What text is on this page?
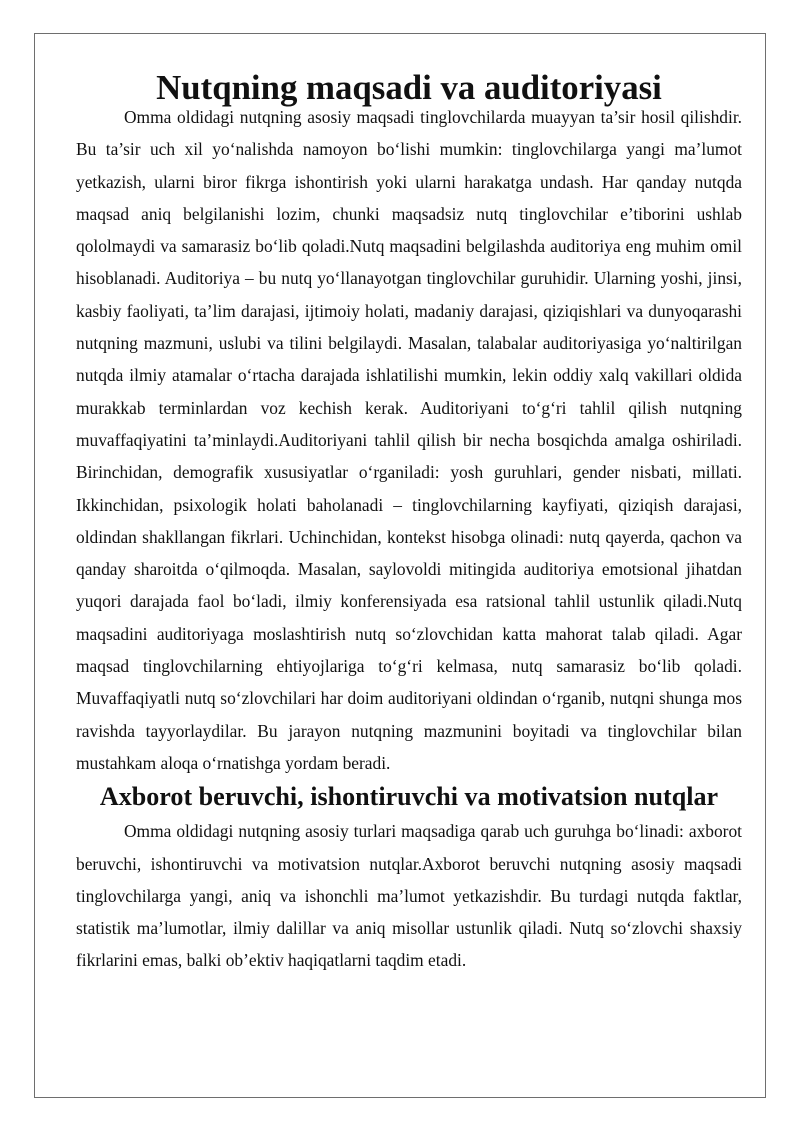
Nutqning maqsadi va auditoriyasi

Omma oldidagi nutqning asosiy maqsadi tinglovchilarda muayyan ta’sir hosil qilishdir. Bu ta’sir uch xil yo‘nalishda namoyon bo‘lishi mumkin: tinglovchilarga yangi ma’lumot yetkazish, ularni biror fikrga ishontirish yoki ularni harakatga undash. Har qanday nutqda maqsad aniq belgilanishi lozim, chunki maqsadsiz nutq tinglovchilar e’tiborini ushlab qololmaydi va samarasiz bo‘lib qoladi.Nutq maqsadini belgilashda auditoriya eng muhim omil hisoblanadi. Auditoriya – bu nutq yo‘llanayotgan tinglovchilar guruhidir. Ularning yoshi, jinsi, kasbiy faoliyati, ta’lim darajasi, ijtimoiy holati, madaniy darajasi, qiziqishlari va dunyoqarashi nutqning mazmuni, uslubi va tilini belgilaydi. Masalan, talabalar auditoriyasiga yo‘naltirilgan nutqda ilmiy atamalar o‘rtacha darajada ishlatilishi mumkin, lekin oddiy xalq vakillari oldida murakkab terminlardan voz kechish kerak. Auditoriyani to‘g‘ri tahlil qilish nutqning muvaffaqiyatini ta’minlaydi.Auditoriyani tahlil qilish bir necha bosqichda amalga oshiriladi. Birinchidan, demografik xususiyatlar o‘rganiladi: yosh guruhlari, gender nisbati, millati. Ikkinchidan, psixologik holati baholanadi – tinglovchilarning kayfiyati, qiziqish darajasi, oldindan shakllangan fikrlari. Uchinchidan, kontekst hisobga olinadi: nutq qayerda, qachon va qanday sharoitda o‘qilmoqda. Masalan, saylovoldi mitingida auditoriya emotsional jihatdan yuqori darajada faol bo‘ladi, ilmiy konferensiyada esa ratsional tahlil ustunlik qiladi.Nutq maqsadini auditoriyaga moslashtirish nutq so‘zlovchidan katta mahorat talab qiladi. Agar maqsad tinglovchilarning ehtiyojlariga to‘g‘ri kelmasa, nutq samarasiz bo‘lib qoladi. Muvaffaqiyatli nutq so‘zlovchilari har doim auditoriyani oldindan o‘rganib, nutqni shunga mos ravishda tayyorlaydilar. Bu jarayon nutqning mazmunini boyitadi va tinglovchilar bilan mustahkam aloqa o‘rnatishga yordam beradi.

Axborot beruvchi, ishontiruvchi va motivatsion nutqlar

Omma oldidagi nutqning asosiy turlari maqsadiga qarab uch guruhga bo‘linadi: axborot beruvchi, ishontiruvchi va motivatsion nutqlar.Axborot beruvchi nutqning asosiy maqsadi tinglovchilarga yangi, aniq va ishonchli ma’lumot yetkazishdir. Bu turdagi nutqda faktlar, statistik ma’lumotlar, ilmiy dalillar va aniq misollar ustunlik qiladi. Nutq so‘zlovchi shaxsiy fikrlarini emas, balki ob’ektiv haqiqatlarni taqdim etadi.
